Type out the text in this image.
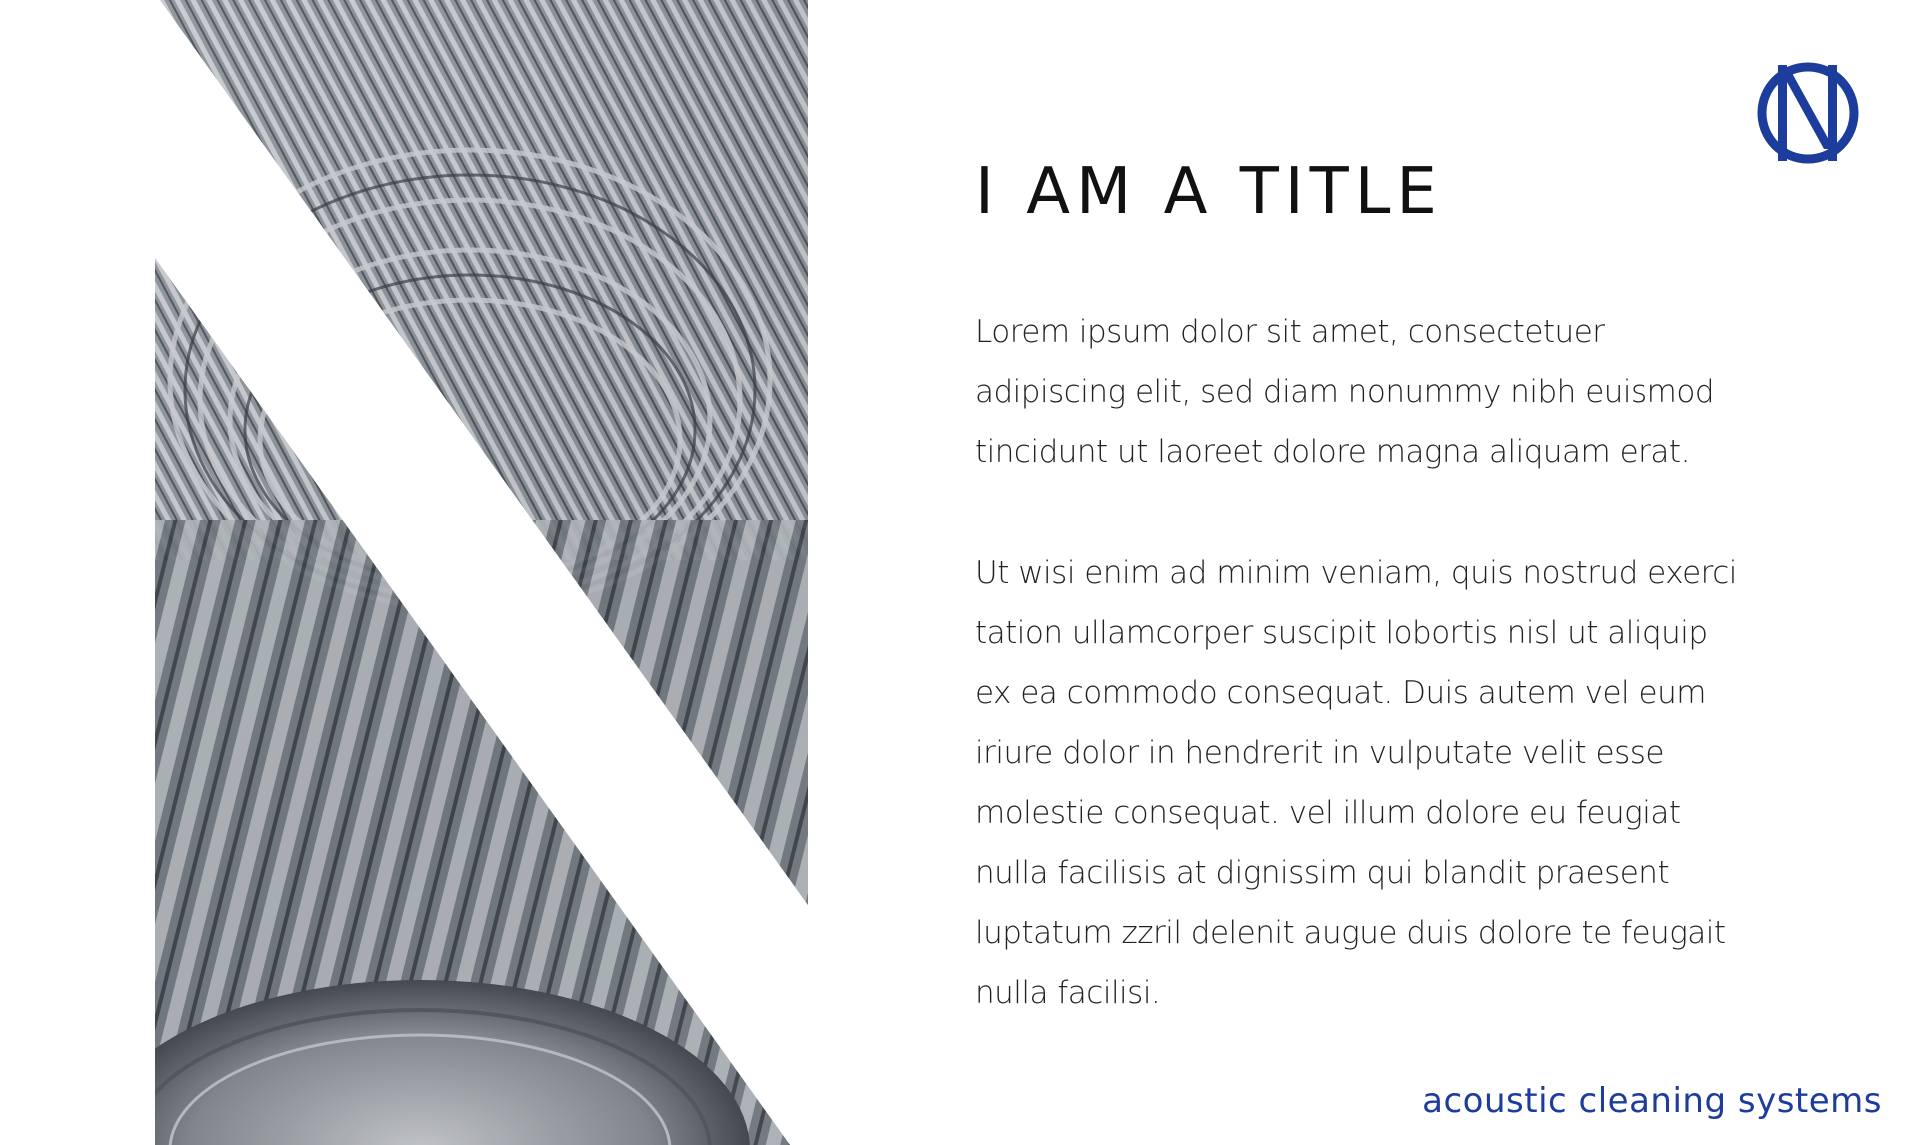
I AM A TITLE

Lorem ipsum dolor sit amet, consectetuer
adipiscing elit, sed diam nonummy nibh euismod
tincidunt ut laoreet dolore magna aliquam erat.

Ut wisi enim ad minim veniam, quis nostrud exerci
tation ullamcorper suscipit lobortis nisl ut aliquip
ex ea commodo consequat. Duis autem vel eum
iriure dolor in hendrerit in vulputate velit esse
molestie consequat. vel illum dolore eu feugiat
nulla facilisis at dignissim qui blandit praesent
luptatum zzril delenit augue duis dolore te feugait
nulla facilisi.

acoustic cleaning systems
